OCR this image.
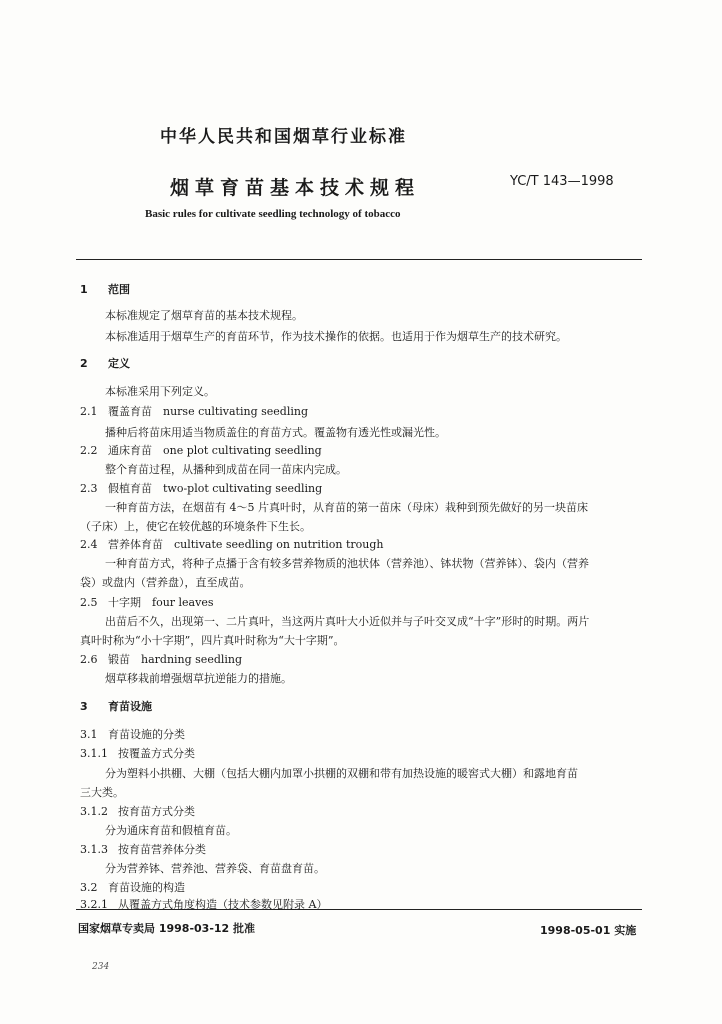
中华人民共和国烟草行业标准
烟草育苗基本技术规程	YC/T 143—1998
Basic rules for cultivate seedling technology of tobacco
1 范围
本标准规定了烟草育苗的基本技术规程。
本标准适用于烟草生产的育苗环节，作为技术操作的依据。也适用于作为烟草生产的技术研究。
2 定义
本标准采用下列定义。
2.1 覆盖育苗　nurse cultivating seedling
播种后将苗床用适当物质盖住的育苗方式。覆盖物有透光性或漏光性。
2.2 通床育苗　one plot cultivating seedling
整个育苗过程，从播种到成苗在同一苗床内完成。
2.3 假植育苗　two-plot cultivating seedling
一种育苗方法，在烟苗有 4～5 片真叶时，从育苗的第一苗床（母床）栽种到预先做好的另一块苗床
（子床）上，使它在较优越的环境条件下生长。
2.4 营养体育苗　cultivate seedling on nutrition trough
一种育苗方式，将种子点播于含有较多营养物质的池状体（营养池）、钵状物（营养钵）、袋内（营养
袋）或盘内（营养盘），直至成苗。
2.5 十字期　four leaves
出苗后不久，出现第一、二片真叶，当这两片真叶大小近似并与子叶交叉成“十字”形时的时期。两片
真叶时称为“小十字期”，四片真叶时称为“大十字期”。
2.6 锻苗　hardning seedling
烟草移栽前增强烟草抗逆能力的措施。
3 育苗设施
3.1 育苗设施的分类
3.1.1 按覆盖方式分类
分为塑料小拱棚、大棚（包括大棚内加罩小拱棚的双棚和带有加热设施的暖窖式大棚）和露地育苗
三大类。
3.1.2 按育苗方式分类
分为通床育苗和假植育苗。
3.1.3 按育苗营养体分类
分为营养钵、营养池、营养袋、育苗盘育苗。
3.2 育苗设施的构造
3.2.1 从覆盖方式角度构造（技术参数见附录 A）
国家烟草专卖局 1998-03-12 批准	1998-05-01 实施
234
